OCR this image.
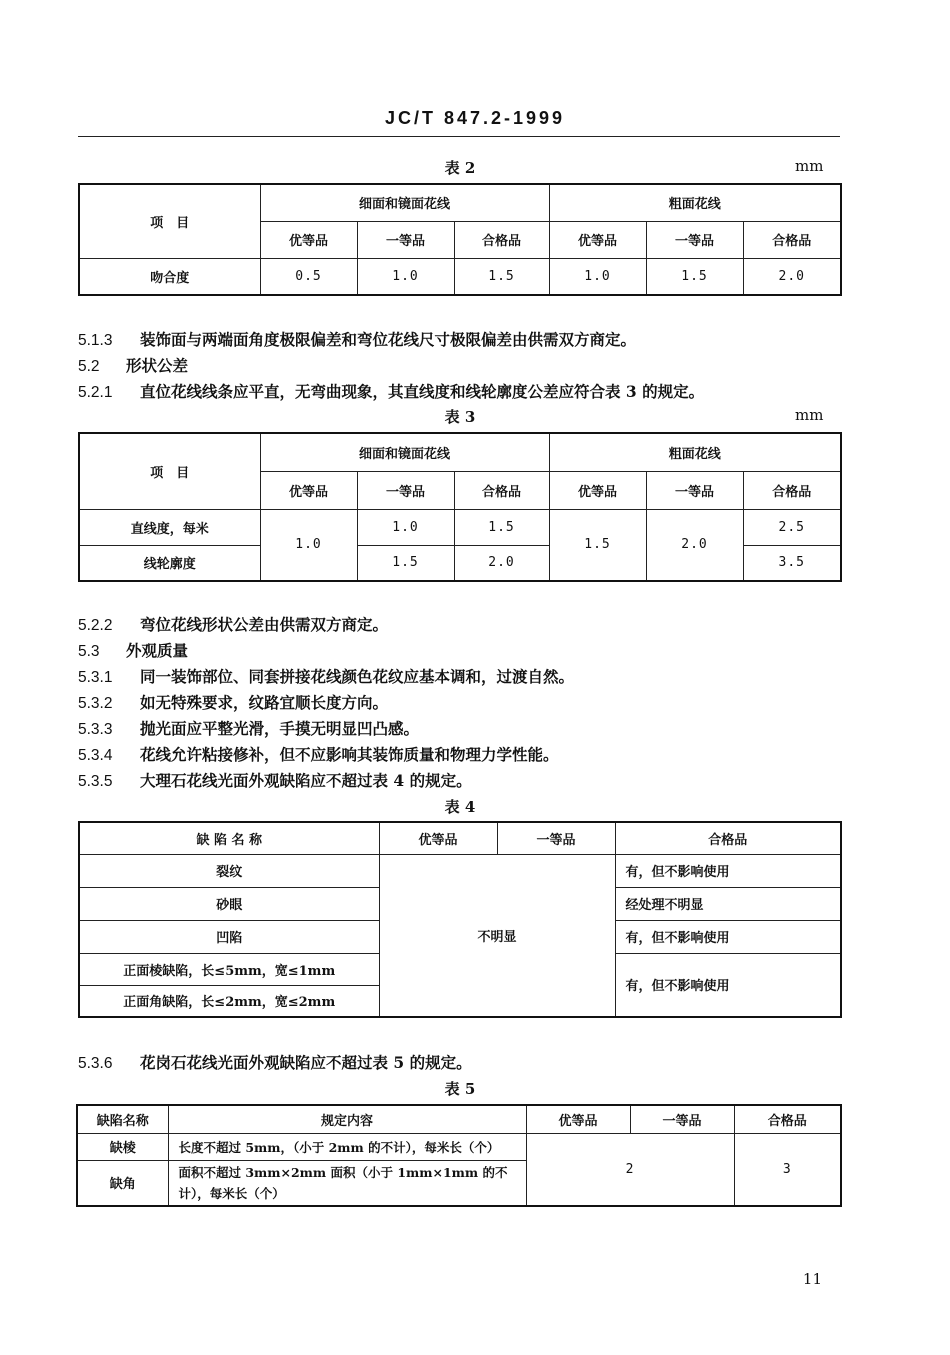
JC/T 847.2-1999
表 2	mm
项　目	细面和镜面花线			粗面花线		
	优等品	一等品	合格品	优等品	一等品	合格品
吻合度	0.5	1.0	1.5	1.0	1.5	2.0
5.1.3 装饰面与两端面角度极限偏差和弯位花线尺寸极限偏差由供需双方商定。
5.2 形状公差
5.2.1 直位花线线条应平直，无弯曲现象，其直线度和线轮廓度公差应符合表 3 的规定。
表 3	mm
项　目	细面和镜面花线			粗面花线		
	优等品	一等品	合格品	优等品	一等品	合格品
直线度，每米	1.0	1.0	1.5	1.5	2.0	2.5
线轮廓度		1.5	2.0			3.5
5.2.2 弯位花线形状公差由供需双方商定。
5.3 外观质量
5.3.1 同一装饰部位、同套拼接花线颜色花纹应基本调和，过渡自然。
5.3.2 如无特殊要求，纹路宜顺长度方向。
5.3.3 抛光面应平整光滑，手摸无明显凹凸感。
5.3.4 花线允许粘接修补，但不应影响其装饰质量和物理力学性能。
5.3.5 大理石花线光面外观缺陷应不超过表 4 的规定。
表 4
缺 陷 名 称	优等品	一等品	合格品
裂纹	不明显		有，但不影响使用
砂眼			经处理不明显
凹陷			有，但不影响使用
正面棱缺陷，长≤5mm，宽≤1mm			有，但不影响使用
正面角缺陷，长≤2mm，宽≤2mm			
5.3.6 花岗石花线光面外观缺陷应不超过表 5 的规定。
表 5
缺陷名称	规定内容	优等品	一等品	合格品
缺棱	长度不超过 5mm，（小于 2mm 的不计），每米长（个）	2		3
缺角	面积不超过 3mm×2mm 面积（小于 1mm×1mm 的不计），每米长（个）			
11
